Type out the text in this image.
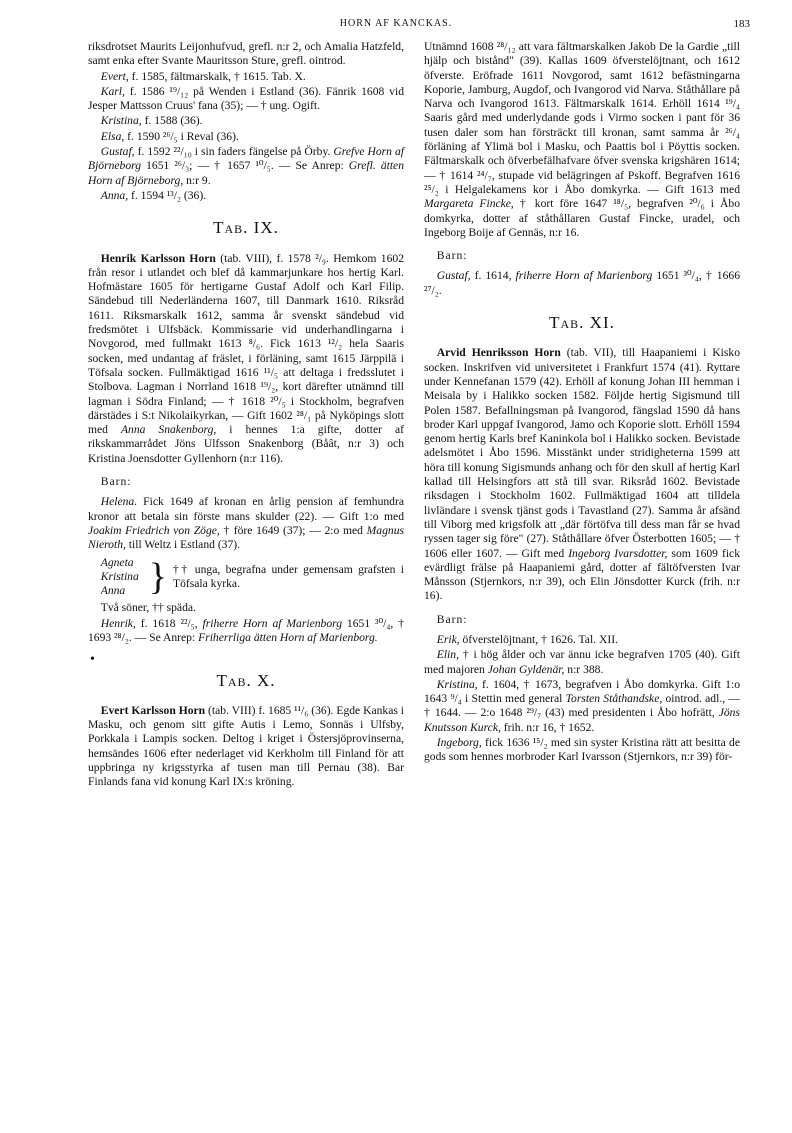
HORN AF KANCKAS.	183

riksdrotset Maurits Leijonhufvud, grefl. n:r 2, och Amalia Hatzfeld, samt enka efter Svante Mauritsson Sture, grefl. ointrod.

Evert, f. 1585, fältmarskalk, † 1615. Tab. X.

Karl, f. 1586 ¹⁹/₁₂ på Wenden i Estland (36). Fänrik 1608 vid Jesper Mattsson Cruus' fana (35); — † ung. Ogift.

Kristina, f. 1588 (36).

Elsa, f. 1590 ²⁶/₅ i Reval (36).

Gustaf, f. 1592 ²²/₁₀ i sin faders fängelse på Örby. Grefve Horn af Björneborg 1651 ²⁶/₃; — † 1657 ¹⁰/₅. — Se Anrep: Grefl. ätten Horn af Björneborg, n:r 9.

Anna, f. 1594 ¹³/₂ (36).

Tab. IX.

Henrik Karlsson Horn (tab. VIII), f. 1578 ²/₉. Hemkom 1602 från resor i utlandet och blef då kammarjunkare hos hertig Karl. Hofmästare 1605 för hertigarne Gustaf Adolf och Karl Filip. Sändebud till Nederländerna 1607, till Danmark 1610. Riksråd 1611. Riksmarskalk 1612, samma år svenskt sändebud vid fredsmötet i Ulfsbäck. Kommissarie vid underhandlingarna i Novgorod, med fullmakt 1613 ⁸/₆. Fick 1613 ¹²/₂ hela Saaris socken, med undantag af fräslet, i förläning, samt 1615 Järppilä i Töfsala socken. Fullmäktigad 1616 ¹¹/₅ att deltaga i fredsslutet i Stolbova. Lagman i Norrland 1618 ¹⁹/₂, kort därefter utnämnd till lagman i Södra Finland; — † 1618 ²⁰/₅ i Stockholm, begrafven därstädes i S:t Nikolaikyrkan, — Gift 1602 ²⁸/₁ på Nyköpings slott med Anna Snakenborg, i hennes 1:a gifte, dotter af rikskammarrådet Jöns Ulfsson Snakenborg (Båât, n:r 3) och Kristina Joensdotter Gyllenhorn (n:r 116).

Barn:

Helena. Fick 1649 af kronan en årlig pension af femhundra kronor att betala sin förste mans skulder (22). — Gift 1:o med Joakim Friedrich von Zöge, † före 1649 (37); — 2:o med Magnus Nieroth, till Weltz i Estland (37).

Agneta
Kristina
Anna } †† unga, begrafna under gemensam grafsten i Töfsala kyrka.

Två söner, †† späda.

Henrik, f. 1618 ²²/₅, friherre Horn af Marienborg 1651 ³⁰/₄, † 1693 ²⁸/₂. — Se Anrep: Friherrliga ätten Horn af Marienborg.

•
Tab. X.

Evert Karlsson Horn (tab. VIII) f. 1685 ¹¹/₆ (36). Egde Kankas i Masku, och genom sitt gifte Autis i Lemo, Sonnäs i Ulfsby, Porkkala i Lampis socken. Deltog i kriget i Östersjöprovinserna, hemsändes 1606 efter nederlaget vid Kerkholm till Finland för att uppbringa ny krigsstyrka af tusen man till Pernau (38). Bar Finlands fana vid konung Karl IX:s kröning.

Utnämnd 1608 ²⁸/₁₂ att vara fältmarskalken Jakob De la Gardie „till hjälp och bistånd" (39). Kallas 1609 öfverstelöjtnant, och 1612 öfverste. Eröfrade 1611 Novgorod, samt 1612 befästningarna Koporie, Jamburg, Augdof, och Ivangorod vid Narva. Ståthållare på Narva och Ivangorod 1613. Fältmarskalk 1614. Erhöll 1614 ¹⁹/₄ Saaris gård med underlydande gods i Virmo socken i pant för 36 tusen daler som han försträckt till kronan, samt samma år ²⁶/₄ förläning af Ylimä bol i Masku, och Paattis bol i Pöyttis socken. Fältmarskalk och öfverbefälhafvare öfver svenska krigshären 1614; — † 1614 ²⁴/₇, stupade vid belägringen af Pskoff. Begrafven 1616 ²⁵/₂ i Helgalekamens kor i Åbo domkyrka. — Gift 1613 med Margareta Fincke, † kort före 1647 ¹⁸/₅, begrafven ²⁰/₆ i Åbo domkyrka, dotter af ståthållaren Gustaf Fincke, uradel, och Ingeborg Boije af Gennäs, n:r 16.

Barn:

Gustaf, f. 1614, friherre Horn af Marienborg 1651 ³⁰/₄, † 1666 ²⁷/₂.

Tab. XI.

Arvid Henriksson Horn (tab. VII), till Haapaniemi i Kisko socken. Inskrifven vid universitetet i Frankfurt 1574 (41). Ryttare under Kennefanan 1579 (42). Erhöll af konung Johan III hemman i Meisala by i Halikko socken 1582. Följde hertig Sigismund till Polen 1587. Befallningsman på Ivangorod, fängslad 1590 då hans broder Karl uppgaf Ivangorod, Jamo och Koporie slott. Erhöll 1594 genom hertig Karls bref Kaninkola bol i Halikko socken. Bevistade adelsmötet i Åbo 1596. Misstänkt under stridigheterna 1599 att höra till konung Sigismunds anhang och för den skull af hertig Karl kallad till Helsingfors att stå till svar. Riksråd 1602. Bevistade riksdagen i Stockholm 1602. Fullmäktigad 1604 att tilldela livländare i svensk tjänst gods i Tavastland (27). Samma år afsänd till Viborg med krigsfolk att „där förtöfva till dess man får se hvad ryssen tager sig före" (27). Ståthållare öfver Österbotten 1605; — † 1606 eller 1607. — Gift med Ingeborg Ivarsdotter, som 1609 fick evärdligt frälse på Haapaniemi gård, dotter af fältöfversten Ivar Månsson (Stjernkors, n:r 39), och Elin Jönsdotter Kurck (frih. n:r 16).

Barn:

Erik, öfverstelöjtnant, † 1626. Tal. XII.

Elin, † i hög ålder och var ännu icke begrafven 1705 (40). Gift med majoren Johan Gyldenär, n:r 388.

Kristina, f. 1604, † 1673, begrafven i Åbo domkyrka. Gift 1:o 1643 ⁹/₄ i Stettin med general Torsten Ståthandske, ointrod. adl., — † 1644. — 2:o 1648 ²⁹/₇ (43) med presidenten i Åbo hofrätt, Jöns Knutsson Kurck, frih. n:r 16, † 1652.

Ingeborg, fick 1636 ¹⁵/₂ med sin syster Kristina rätt att besitta de gods som hennes morbroder Karl Ivarsson (Stjernkors, n:r 39) för-
